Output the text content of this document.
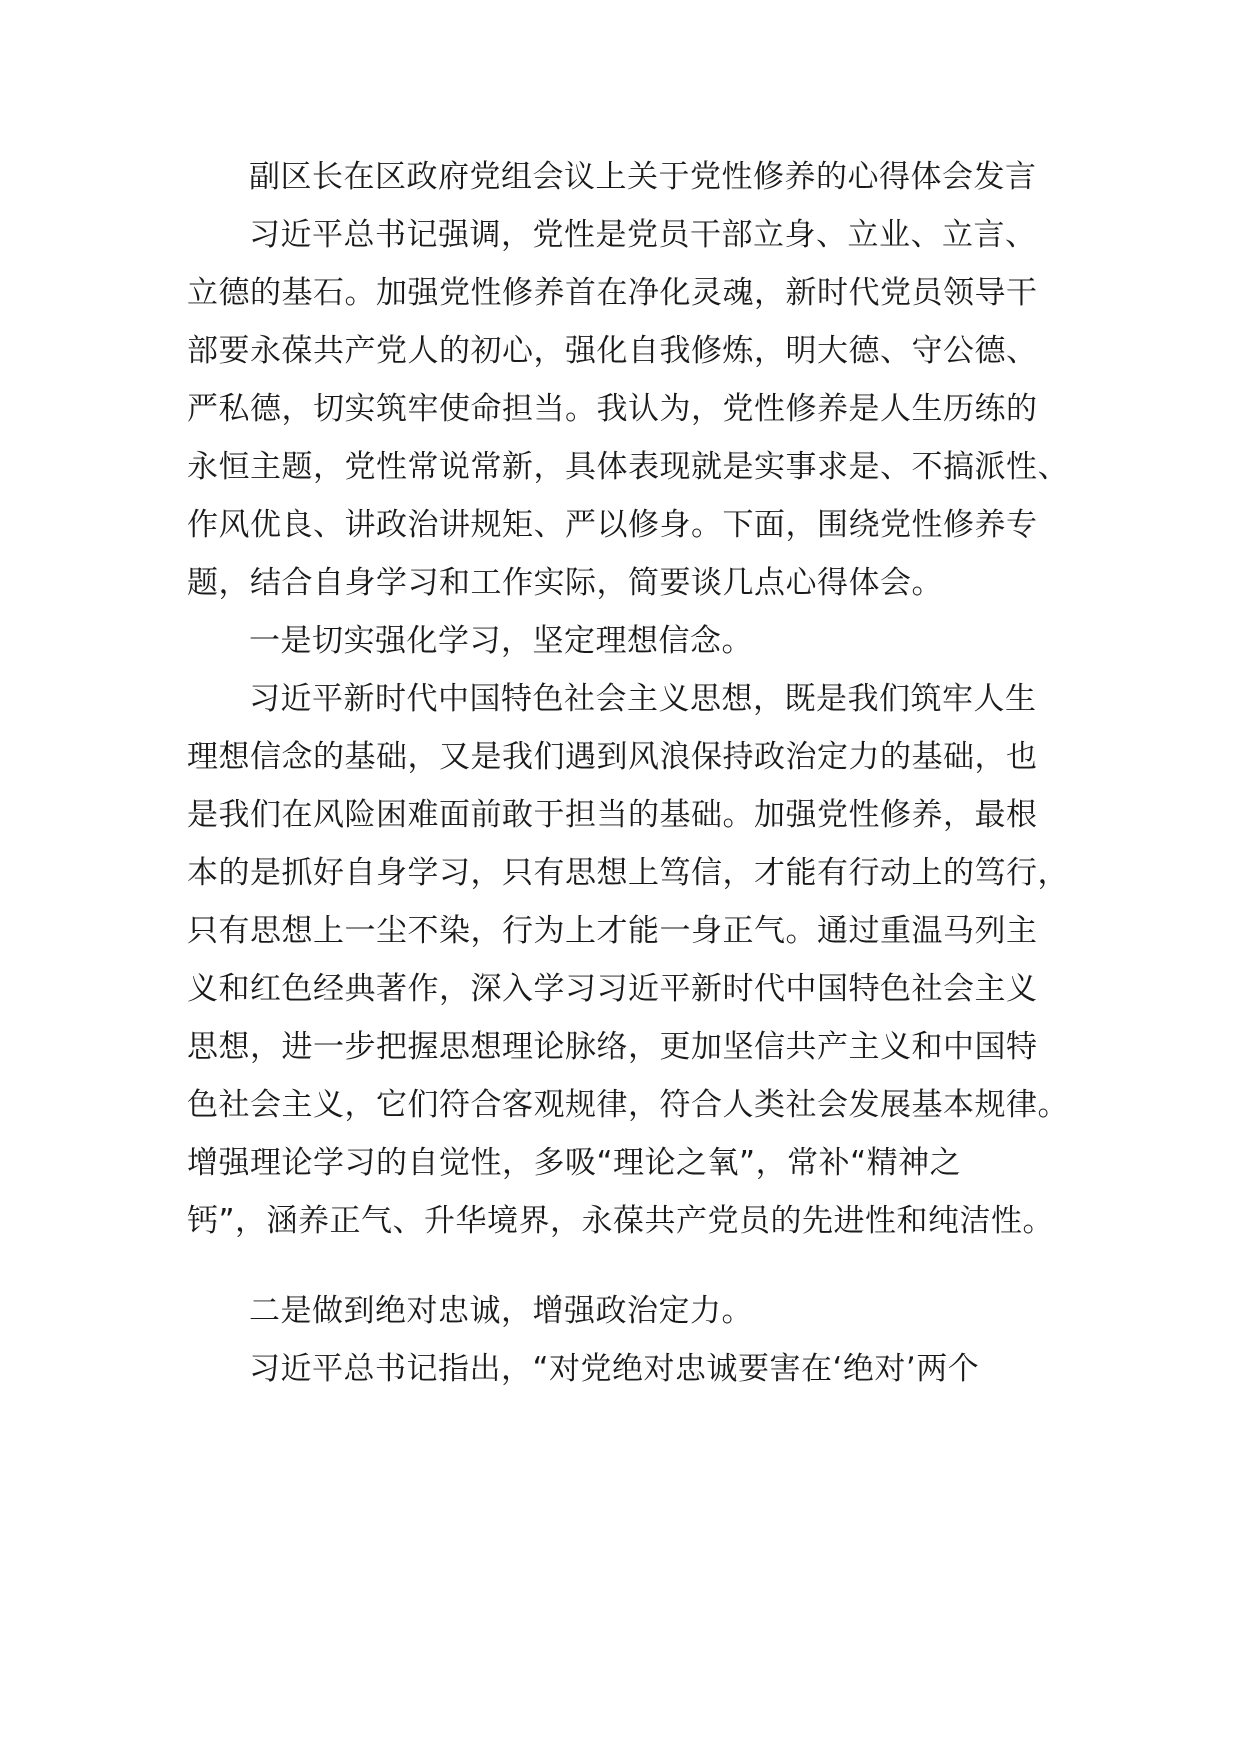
副区长在区政府党组会议上关于党性修养的心得体会发言
习近平总书记强调，党性是党员干部立身、立业、立言、
立德的基石。加强党性修养首在净化灵魂，新时代党员领导干
部要永葆共产党人的初心，强化自我修炼，明大德、守公德、
严私德，切实筑牢使命担当。我认为，党性修养是人生历练的
永恒主题，党性常说常新，具体表现就是实事求是、不搞派性、
作风优良、讲政治讲规矩、严以修身。下面，围绕党性修养专
题，结合自身学习和工作实际，简要谈几点心得体会。
一是切实强化学习，坚定理想信念。
习近平新时代中国特色社会主义思想，既是我们筑牢人生
理想信念的基础，又是我们遇到风浪保持政治定力的基础，也
是我们在风险困难面前敢于担当的基础。加强党性修养，最根
本的是抓好自身学习，只有思想上笃信，才能有行动上的笃行，
只有思想上一尘不染，行为上才能一身正气。通过重温马列主
义和红色经典著作，深入学习习近平新时代中国特色社会主义
思想，进一步把握思想理论脉络，更加坚信共产主义和中国特
色社会主义，它们符合客观规律，符合人类社会发展基本规律。
增强理论学习的自觉性，多吸“理论之氧”，常补“精神之
钙”，涵养正气、升华境界，永葆共产党员的先进性和纯洁性。
二是做到绝对忠诚，增强政治定力。
习近平总书记指出，“对党绝对忠诚要害在‘绝对’两个
